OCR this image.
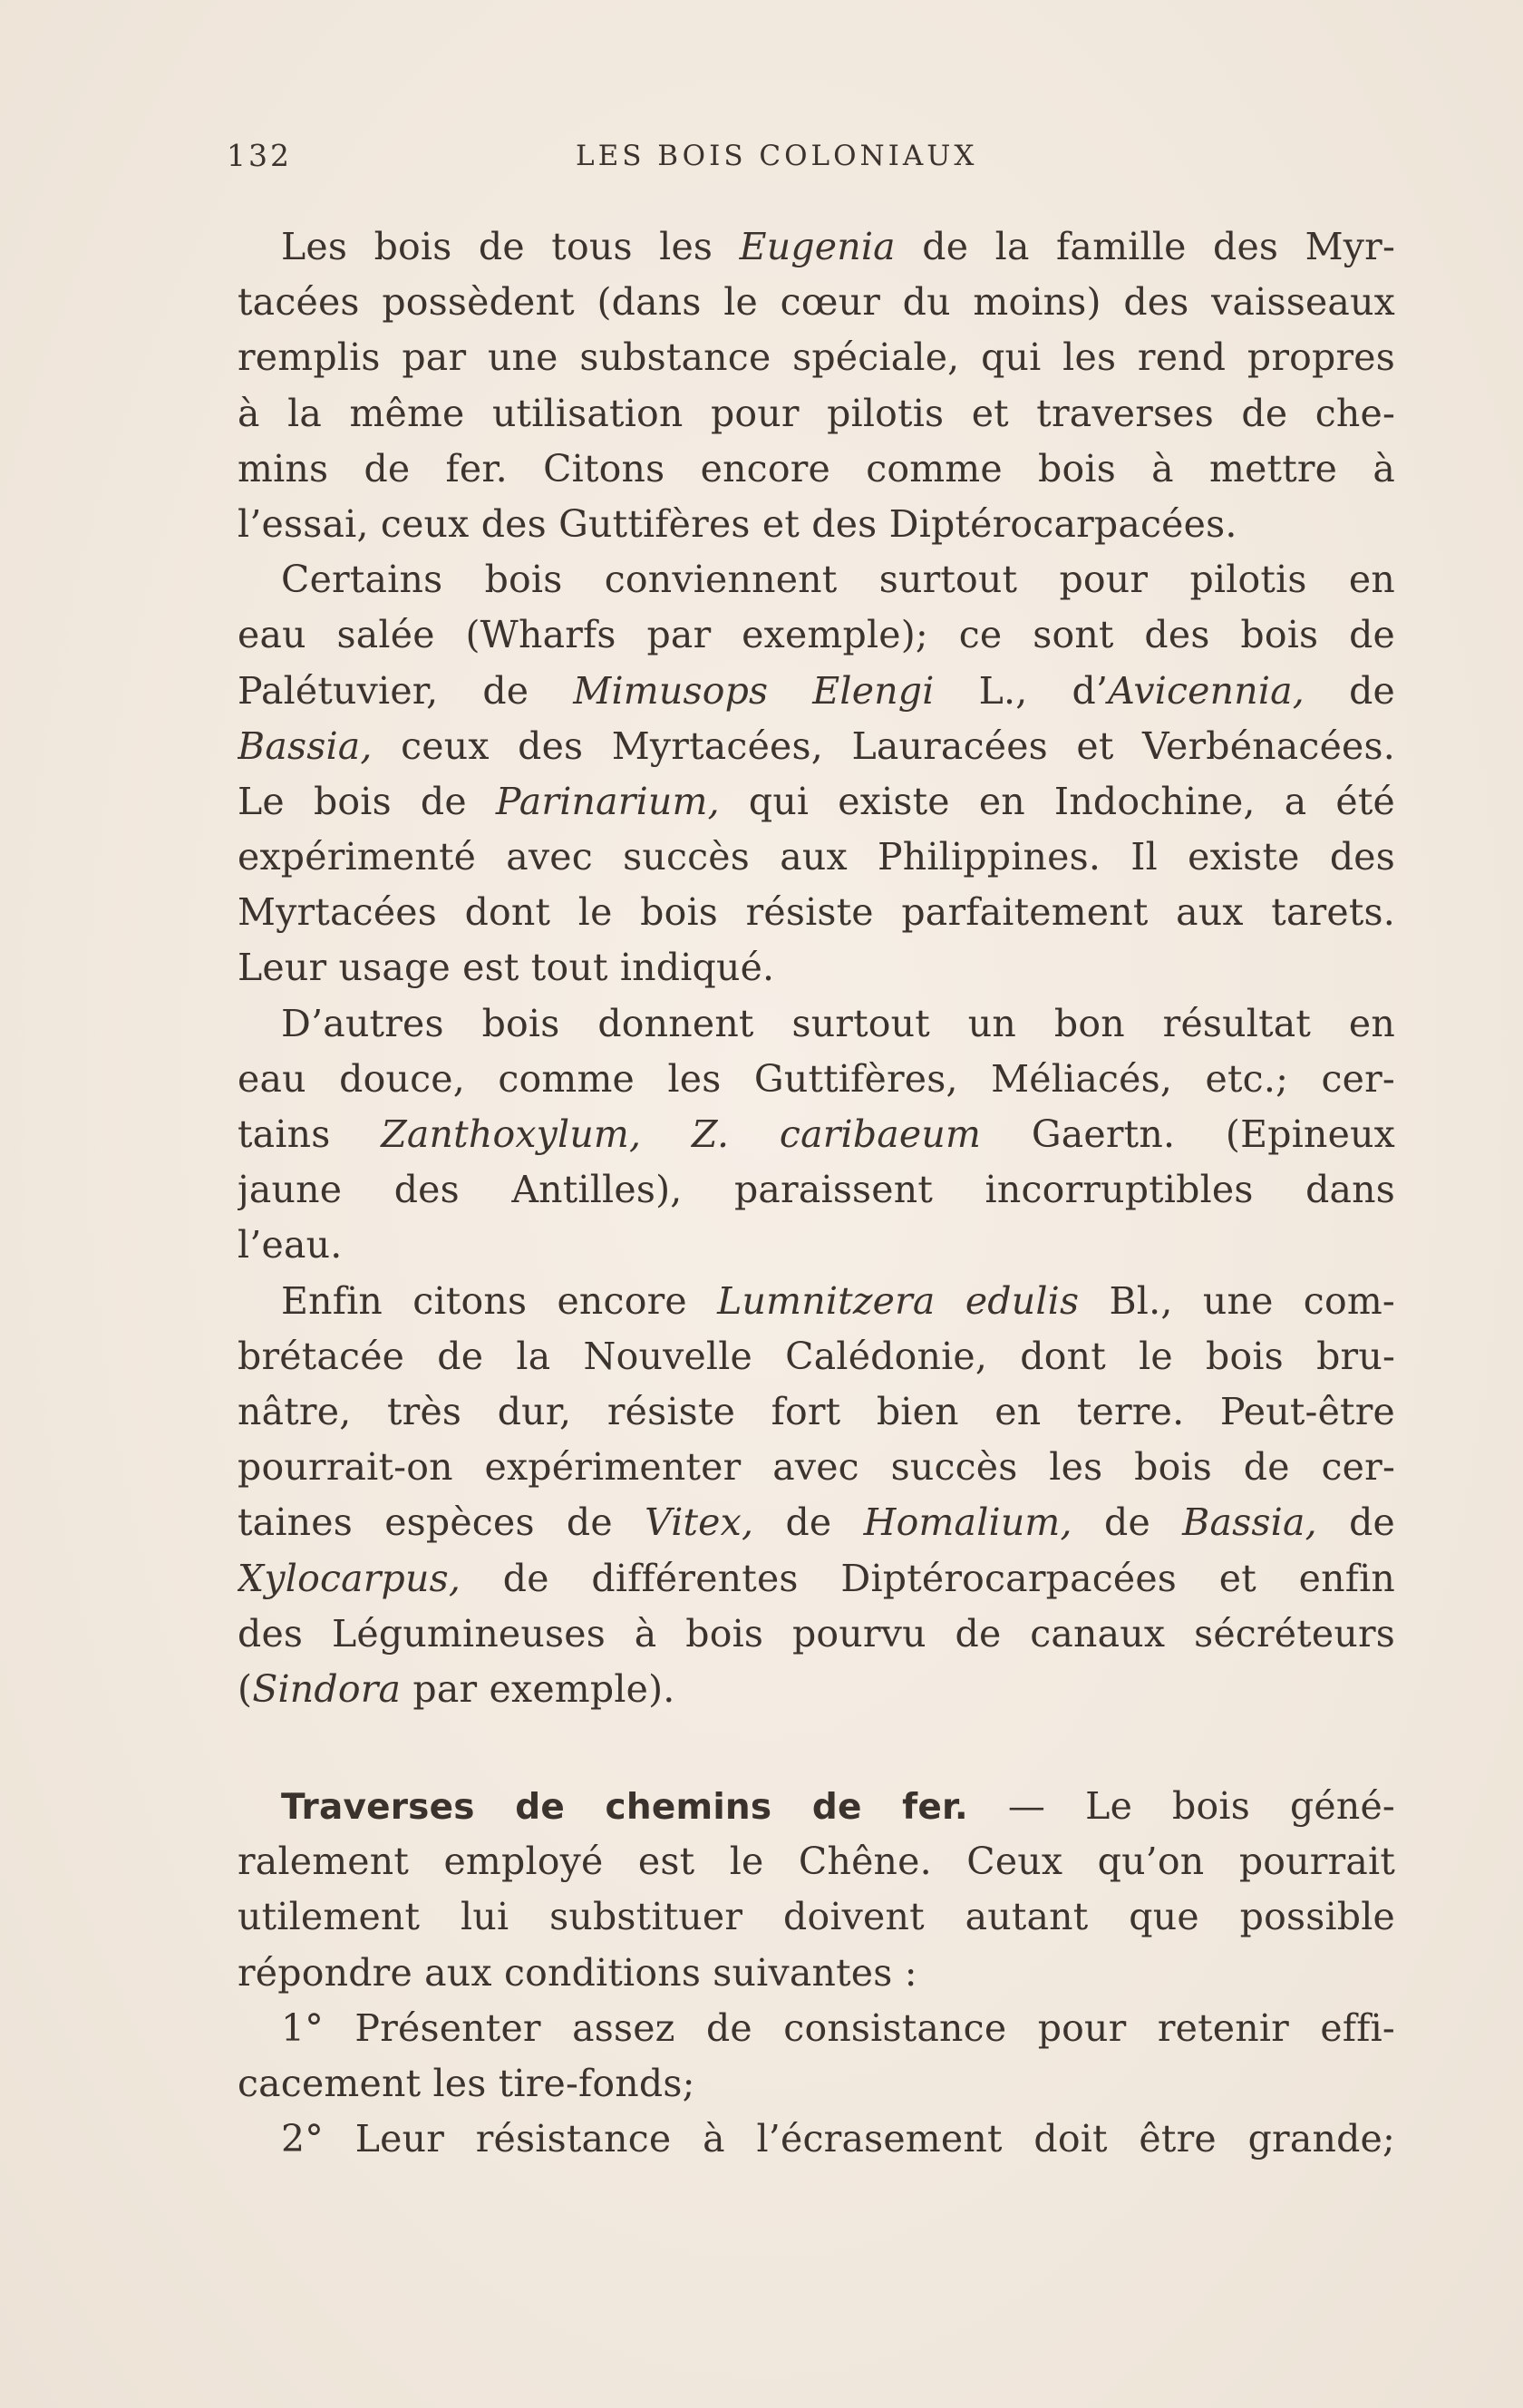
132	LES BOIS COLONIAUX
Les bois de tous les Eugenia de la famille des Myr-
tacées possèdent (dans le cœur du moins) des vaisseaux
remplis par une substance spéciale, qui les rend propres
à la même utilisation pour pilotis et traverses de che-
mins de fer. Citons encore comme bois à mettre à
l’essai, ceux des Guttifères et des Diptérocarpacées.
Certains bois conviennent surtout pour pilotis en
eau salée (Wharfs par exemple); ce sont des bois de
Palétuvier, de Mimusops Elengi L., d’Avicennia, de
Bassia, ceux des Myrtacées, Lauracées et Verbénacées.
Le bois de Parinarium, qui existe en Indochine, a été
expérimenté avec succès aux Philippines. Il existe des
Myrtacées dont le bois résiste parfaitement aux tarets.
Leur usage est tout indiqué.
D’autres bois donnent surtout un bon résultat en
eau douce, comme les Guttifères, Méliacés, etc.; cer-
tains Zanthoxylum, Z. caribaeum Gaertn. (Epineux
jaune des Antilles), paraissent incorruptibles dans
l’eau.
Enfin citons encore Lumnitzera edulis Bl., une com-
brétacée de la Nouvelle Calédonie, dont le bois bru-
nâtre, très dur, résiste fort bien en terre. Peut-être
pourrait-on expérimenter avec succès les bois de cer-
taines espèces de Vitex, de Homalium, de Bassia, de
Xylocarpus, de différentes Diptérocarpacées et enfin
des Légumineuses à bois pourvu de canaux sécréteurs
(Sindora par exemple).
Traverses de chemins de fer. — Le bois géné-
ralement employé est le Chêne. Ceux qu’on pourrait
utilement lui substituer doivent autant que possible
répondre aux conditions suivantes :
1° Présenter assez de consistance pour retenir effi-
cacement les tire-fonds;
2° Leur résistance à l’écrasement doit être grande;
